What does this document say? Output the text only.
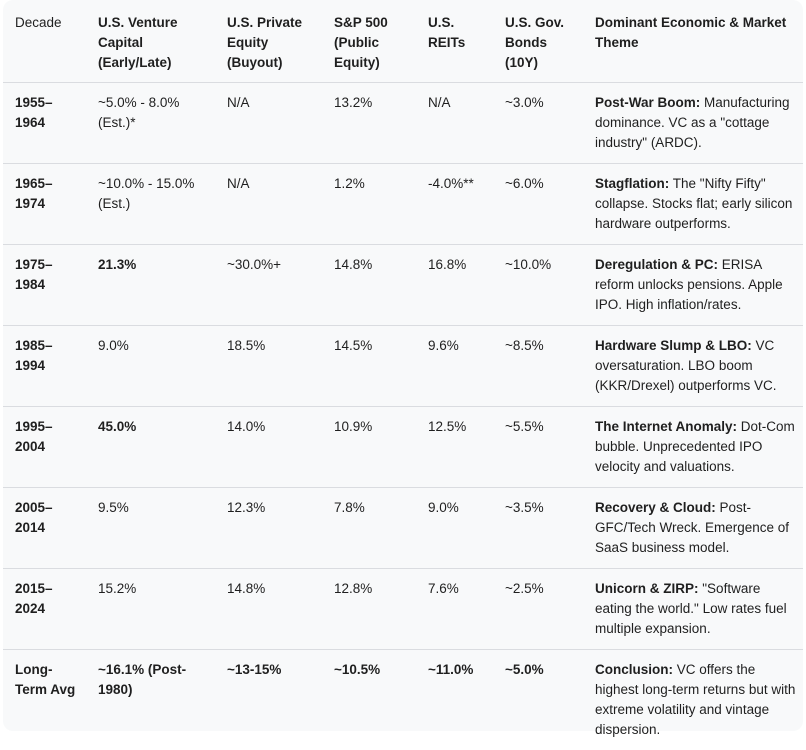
Decade	U.S. Venture Capital (Early/Late)	U.S. Private Equity (Buyout)	S&P 500 (Public Equity)	U.S. REITs	U.S. Gov. Bonds (10Y)	Dominant Economic & Market Theme
1955–1964	~5.0% - 8.0% (Est.)*	N/A	13.2%	N/A	~3.0%	Post-War Boom: Manufacturing dominance. VC as a "cottage industry" (ARDC).
1965–1974	~10.0% - 15.0% (Est.)	N/A	1.2%	-4.0%**	~6.0%	Stagflation: The "Nifty Fifty" collapse. Stocks flat; early silicon hardware outperforms.
1975–1984	21.3%	~30.0%+	14.8%	16.8%	~10.0%	Deregulation & PC: ERISA reform unlocks pensions. Apple IPO. High inflation/rates.
1985–1994	9.0%	18.5%	14.5%	9.6%	~8.5%	Hardware Slump & LBO: VC oversaturation. LBO boom (KKR/Drexel) outperforms VC.
1995–2004	45.0%	14.0%	10.9%	12.5%	~5.5%	The Internet Anomaly: Dot-Com bubble. Unprecedented IPO velocity and valuations.
2005–2014	9.5%	12.3%	7.8%	9.0%	~3.5%	Recovery & Cloud: Post-GFC/Tech Wreck. Emergence of SaaS business model.
2015–2024	15.2%	14.8%	12.8%	7.6%	~2.5%	Unicorn & ZIRP: "Software eating the world." Low rates fuel multiple expansion.
Long-Term Avg	~16.1% (Post-1980)	~13-15%	~10.5%	~11.0%	~5.0%	Conclusion: VC offers the highest long-term returns but with extreme volatility and vintage dispersion.
